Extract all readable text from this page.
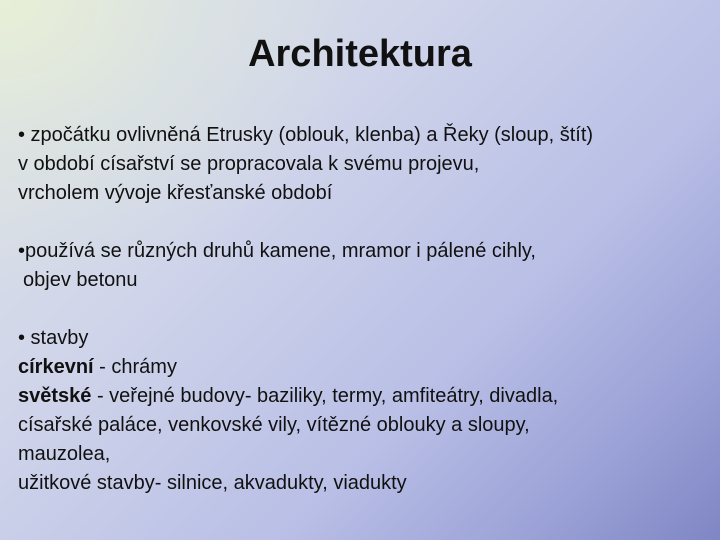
Architektura
• zpočátku ovlivněná Etrusky (oblouk, klenba) a Řeky (sloup, štít)
v období císařství se propracovala k svému projevu,
vrcholem vývoje křesťanské období
•používá se různých druhů kamene, mramor i pálené cihly,
objev betonu
• stavby
církevní - chrámy
světské - veřejné budovy- baziliky, termy, amfiteátry, divadla,
císařské paláce, venkovské vily, vítězné oblouky a sloupy,
mauzolea,
užitkové stavby- silnice, akvadukty, viadukty
